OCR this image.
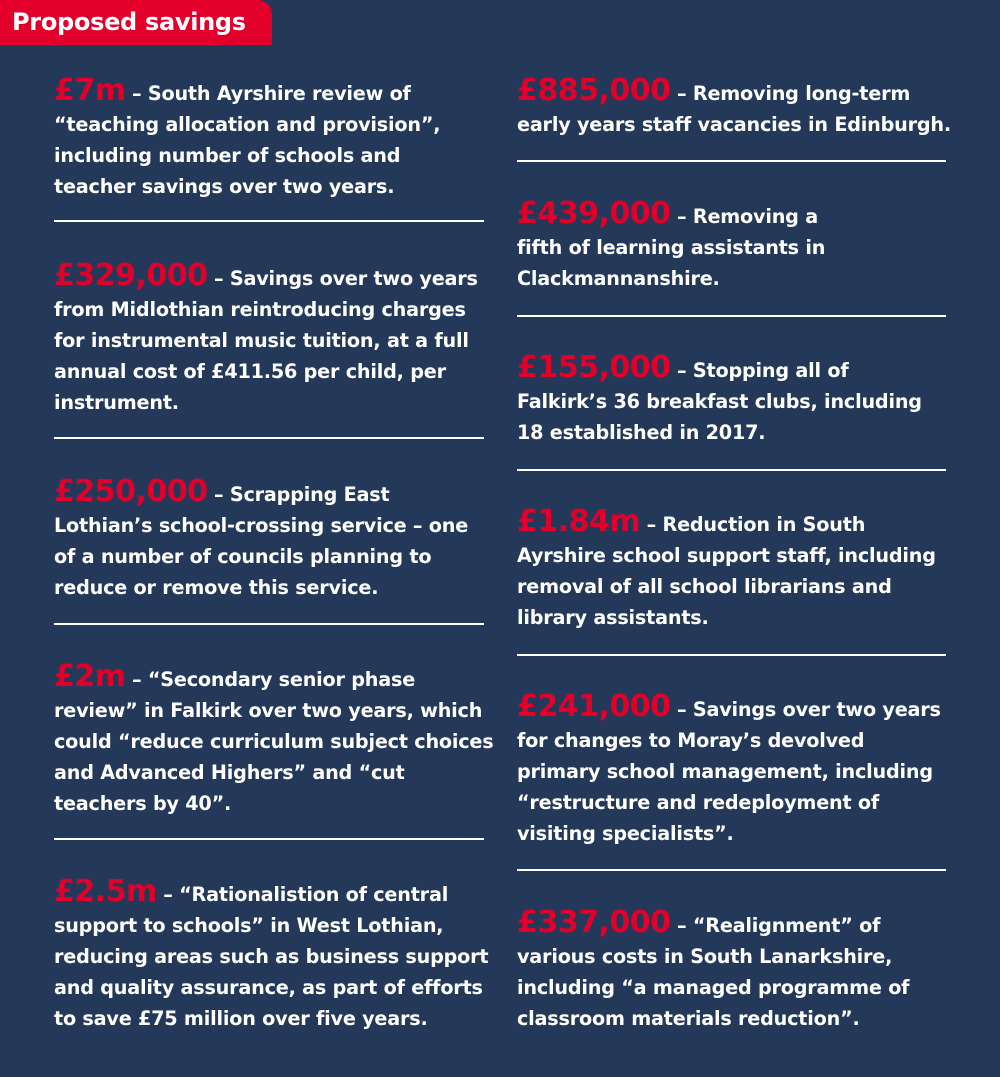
Proposed savings
£7m – South Ayrshire review of “teaching allocation and provision”, including number of schools and teacher savings over two years.
£329,000 – Savings over two years from Midlothian reintroducing charges for instrumental music tuition, at a full annual cost of £411.56 per child, per instrument.
£250,000 – Scrapping East Lothian’s school-crossing service – one of a number of councils planning to reduce or remove this service.
£2m – “Secondary senior phase review” in Falkirk over two years, which could “reduce curriculum subject choices and Advanced Highers” and “cut teachers by 40”.
£2.5m – “Rationalistion of central support to schools” in West Lothian, reducing areas such as business support and quality assurance, as part of efforts to save £75 million over five years.
£885,000 – Removing long-term early years staff vacancies in Edinburgh.
£439,000 – Removing a fifth of learning assistants in Clackmannanshire.
£155,000 – Stopping all of Falkirk’s 36 breakfast clubs, including 18 established in 2017.
£1.84m – Reduction in South Ayrshire school support staff, including removal of all school librarians and library assistants.
£241,000 – Savings over two years for changes to Moray’s devolved primary school management, including “restructure and redeployment of visiting specialists”.
£337,000 – “Realignment” of various costs in South Lanarkshire, including “a managed programme of classroom materials reduction”.
